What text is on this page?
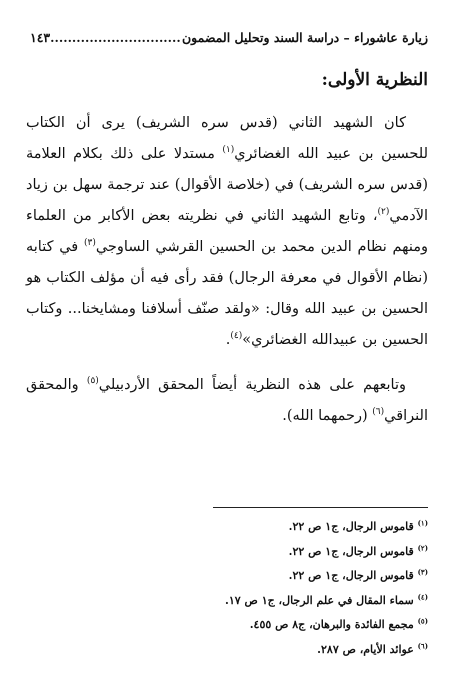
زيارة عاشوراء – دراسة السند وتحليل المضمون
..............................١٤٣
النظرية الأولى:

كان الشهيد الثاني (قدس سره الشريف) يرى أن الكتاب للحسين بن عبيد الله الغضائري$^{(١)}$ مستدلا على ذلك بكلام العلامة (قدس سره الشريف) في (خلاصة الأقوال) عند ترجمة سهل بن زياد الآدمي$^{(٢)}$، وتابع الشهيد الثاني في نظريته بعض الأكابر من العلماء ومنهم نظام الدين محمد بن الحسين القرشي الساوجي$^{(٣)}$ في كتابه (نظام الأقوال في معرفة الرجال) فقد رأى فيه أن مؤلف الكتاب هو الحسين بن عبيد الله وقال: «ولقد صنّف أسلافنا ومشايخنا... وكتاب الحسين بن عبيدالله الغضائري»$^{(٤)}$.

وتابعهم على هذه النظرية أيضاً المحقق الأردبيلي$^{(٥)}$ والمحقق النراقي$^{(٦)}$ (رحمهما الله).

$^{(١)}$ قاموس الرجال، ج١ ص ٢٢.
$^{(٢)}$ قاموس الرجال، ج١ ص ٢٢.
$^{(٣)}$ قاموس الرجال، ج١ ص ٢٢.
$^{(٤)}$ سماء المقال في علم الرجال، ج١ ص ١٧.
$^{(٥)}$ مجمع الفائدة والبرهان، ج٨ ص ٤٥٥.
$^{(٦)}$ عوائد الأيام، ص ٢٨٧.
